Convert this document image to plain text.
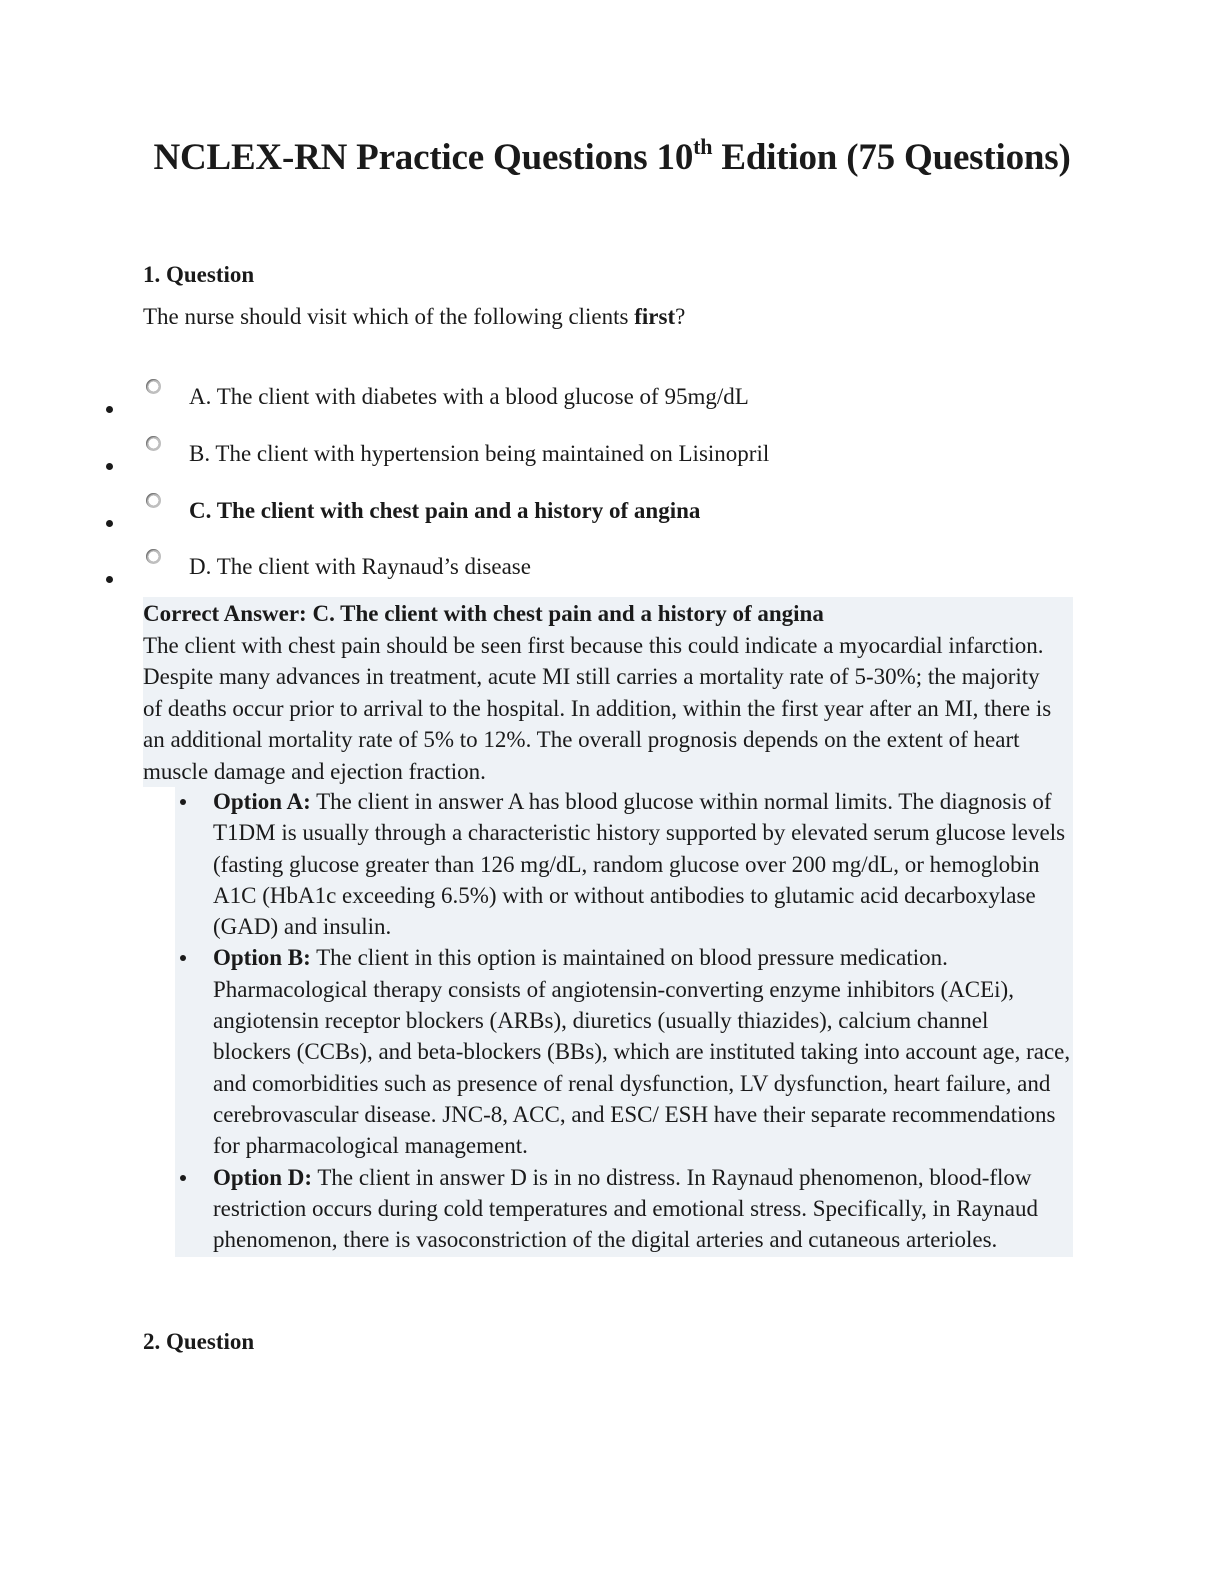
NCLEX-RN Practice Questions 10th Edition (75 Questions)
1. Question

The nurse should visit which of the following clients first?

A. The client with diabetes with a blood glucose of 95mg/dL
B. The client with hypertension being maintained on Lisinopril
C. The client with chest pain and a history of angina
D. The client with Raynaud’s disease
Correct Answer: C. The client with chest pain and a history of angina

The client with chest pain should be seen first because this could indicate a myocardial infarction. Despite many advances in treatment, acute MI still carries a mortality rate of 5-30%; the majority of deaths occur prior to arrival to the hospital. In addition, within the first year after an MI, there is an additional mortality rate of 5% to 12%. The overall prognosis depends on the extent of heart muscle damage and ejection fraction.

Option A: The client in answer A has blood glucose within normal limits. The diagnosis of T1DM is usually through a characteristic history supported by elevated serum glucose levels (fasting glucose greater than 126 mg/dL, random glucose over 200 mg/dL, or hemoglobin A1C (HbA1c exceeding 6.5%) with or without antibodies to glutamic acid decarboxylase (GAD) and insulin.
Option B: The client in this option is maintained on blood pressure medication. Pharmacological therapy consists of angiotensin-converting enzyme inhibitors (ACEi), angiotensin receptor blockers (ARBs), diuretics (usually thiazides), calcium channel blockers (CCBs), and beta-blockers (BBs), which are instituted taking into account age, race, and comorbidities such as presence of renal dysfunction, LV dysfunction, heart failure, and cerebrovascular disease. JNC-8, ACC, and ESC/ ESH have their separate recommendations for pharmacological management.
Option D: The client in answer D is in no distress. In Raynaud phenomenon, blood-flow restriction occurs during cold temperatures and emotional stress. Specifically, in Raynaud phenomenon, there is vasoconstriction of the digital arteries and cutaneous arterioles.
2. Question
